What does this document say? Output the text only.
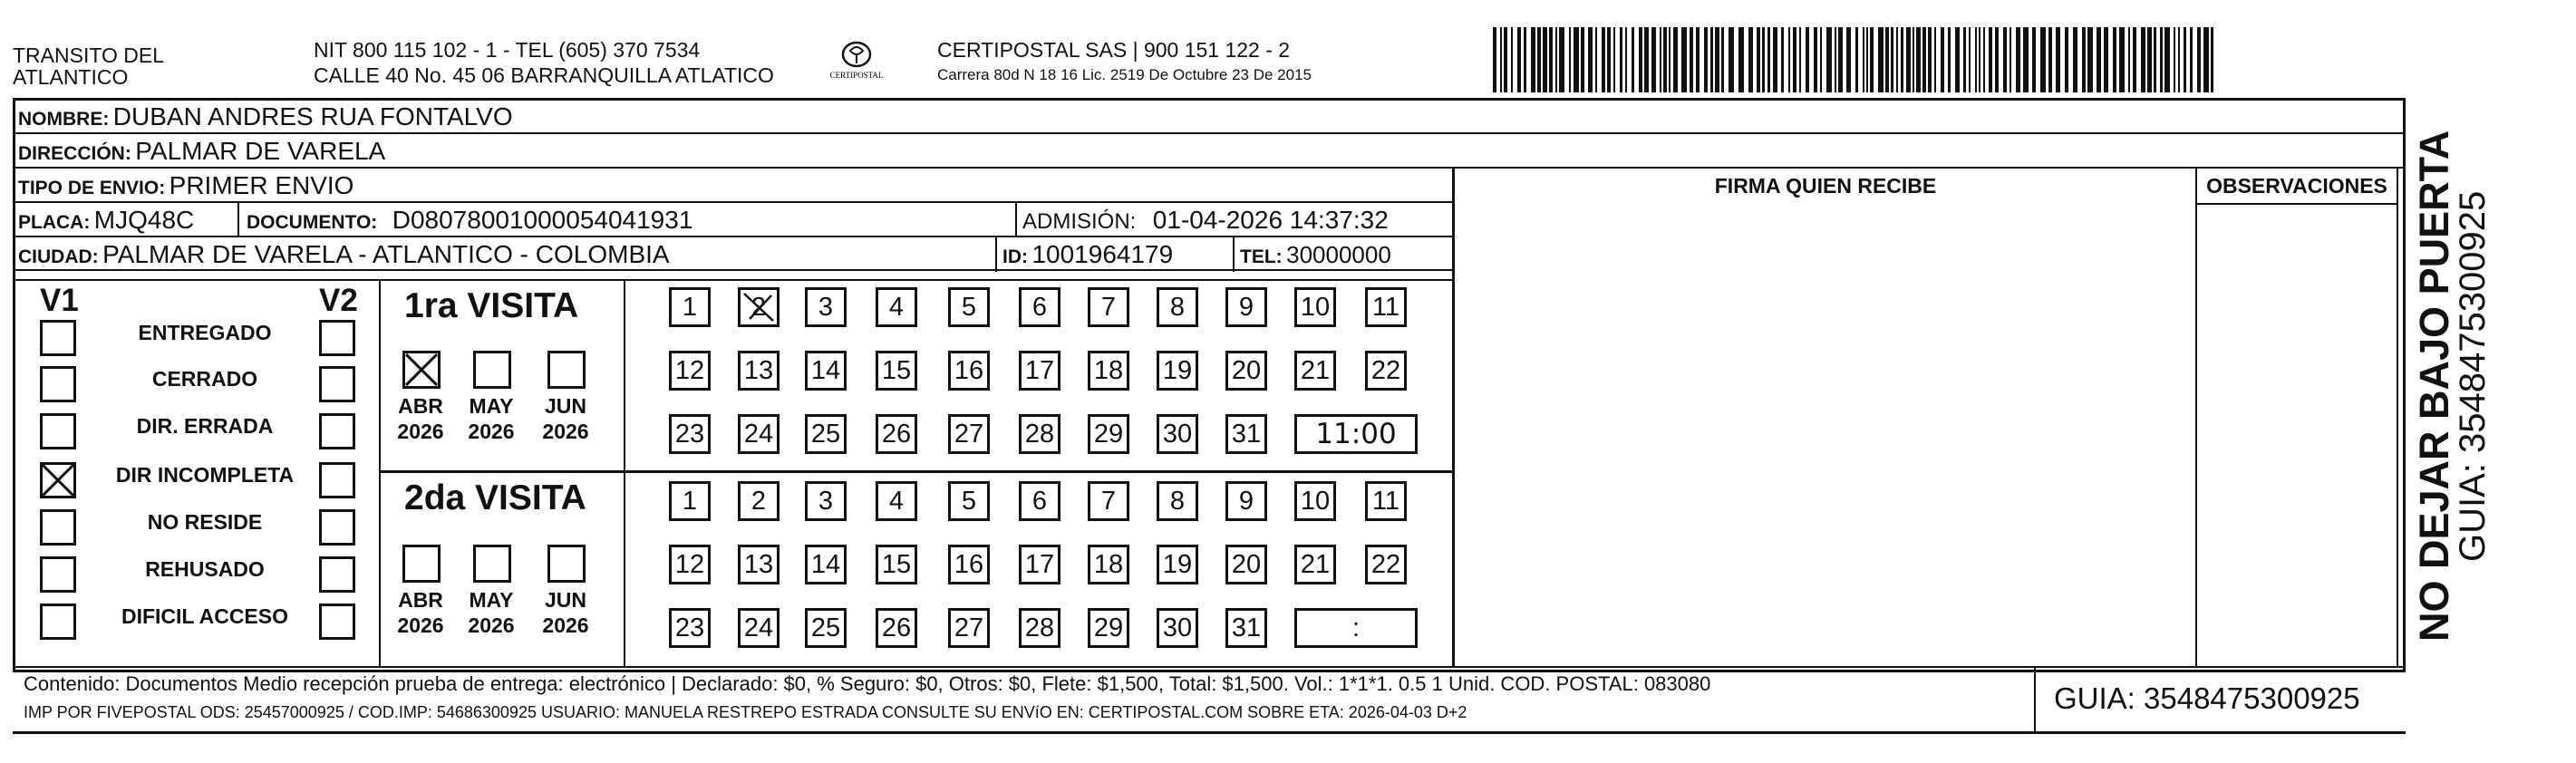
TRANSITO DEL
ATLANTICO
NIT 800 115 102 - 1 - TEL (605) 370 7534
CALLE 40 No. 45 06 BARRANQUILLA ATLATICO	CERTIPOSTAL
CERTIPOSTAL SAS | 900 151 122 - 2
Carrera 80d N 18 16 Lic. 2519 De Octubre 23 De 2015
NOMBRE: DUBAN ANDRES RUA FONTALVO
DIRECCIÓN: PALMAR DE VARELA
TIPO DE ENVIO: PRIMER ENVIO	FIRMA QUIEN RECIBE	OBSERVACIONES
PLACA: MJQ48C	DOCUMENTO: D08078001000054041931	ADMISIÓN: 01-04-2026 14:37:32
CIUDAD: PALMAR DE VARELA - ATLANTICO - COLOMBIA	ID: 1001964179	TEL: 30000000
V1	V2
ENTREGADO
CERRADO
DIR. ERRADA
DIR INCOMPLETA
NO RESIDE
REHUSADO
DIFICIL ACCESO
1ra VISITA
2da VISITA
ABR
2026
MAY
2026
JUN
2026
1	2	3	4	5	6	7	8	9	10 11
12 13 14 15 16 17 18 19 20 21 22
23 24 25 26 27 28 29 30 31	11:00
ABR
2026
MAY
2026
JUN
2026
1	2	3	4	5	6	7	8	9	10 11
12 13 14 15 16 17 18 19 20 21 22
23 24 25 26 27 28 29 30 31	:
Contenido: Documentos Medio recepción prueba de entrega: electrónico | Declarado: $0, % Seguro: $0, Otros: $0, Flete: $1,500, Total: $1,500. Vol.: 1*1*1. 0.5 1 Unid. COD. POSTAL: 083080
IMP POR FIVEPOSTAL ODS: 25457000925 / COD.IMP: 54686300925 USUARIO: MANUELA RESTREPO ESTRADA CONSULTE SU ENVíO EN: CERTIPOSTAL.COM SOBRE ETA: 2026-04-03 D+2	GUIA: 3548475300925
NO DEJAR BAJO PUERTA
GUIA: 3548475300925
